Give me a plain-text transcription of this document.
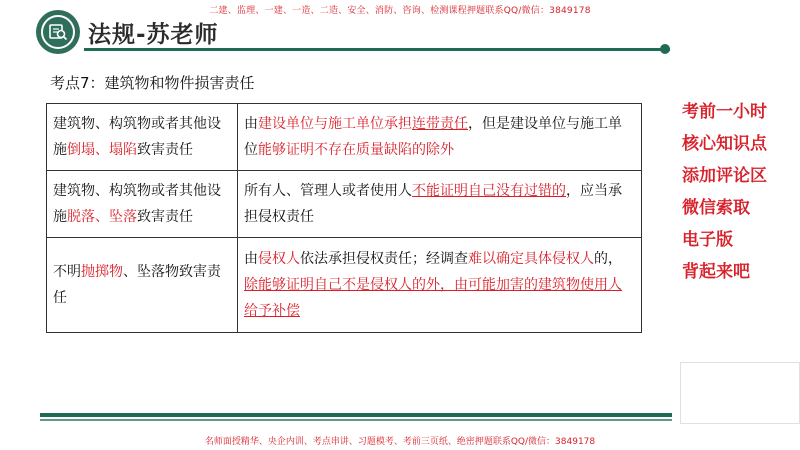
二建、监理、一建、一造、二造、安全、消防、咨询、检测课程押题联系QQ/微信：3849178
法规-苏老师
考点7：建筑物和物件损害责任
建筑物、构筑物或者其他设施倒塌、塌陷致害责任	由建设单位与施工单位承担连带责任，但是建设单位与施工单位能够证明不存在质量缺陷的除外
建筑物、构筑物或者其他设施脱落、坠落致害责任	所有人、管理人或者使用人不能证明自己没有过错的，应当承担侵权责任
不明抛掷物、坠落物致害责任	由侵权人依法承担侵权责任；经调查难以确定具体侵权人的，除能够证明自己不是侵权人的外，由可能加害的建筑物使用人给予补偿
考前一小时
核心知识点
添加评论区
微信索取
电子版
背起来吧
名师面授精华、央企内训、考点串讲、习题模考、考前三页纸、绝密押题联系QQ/微信：3849178
